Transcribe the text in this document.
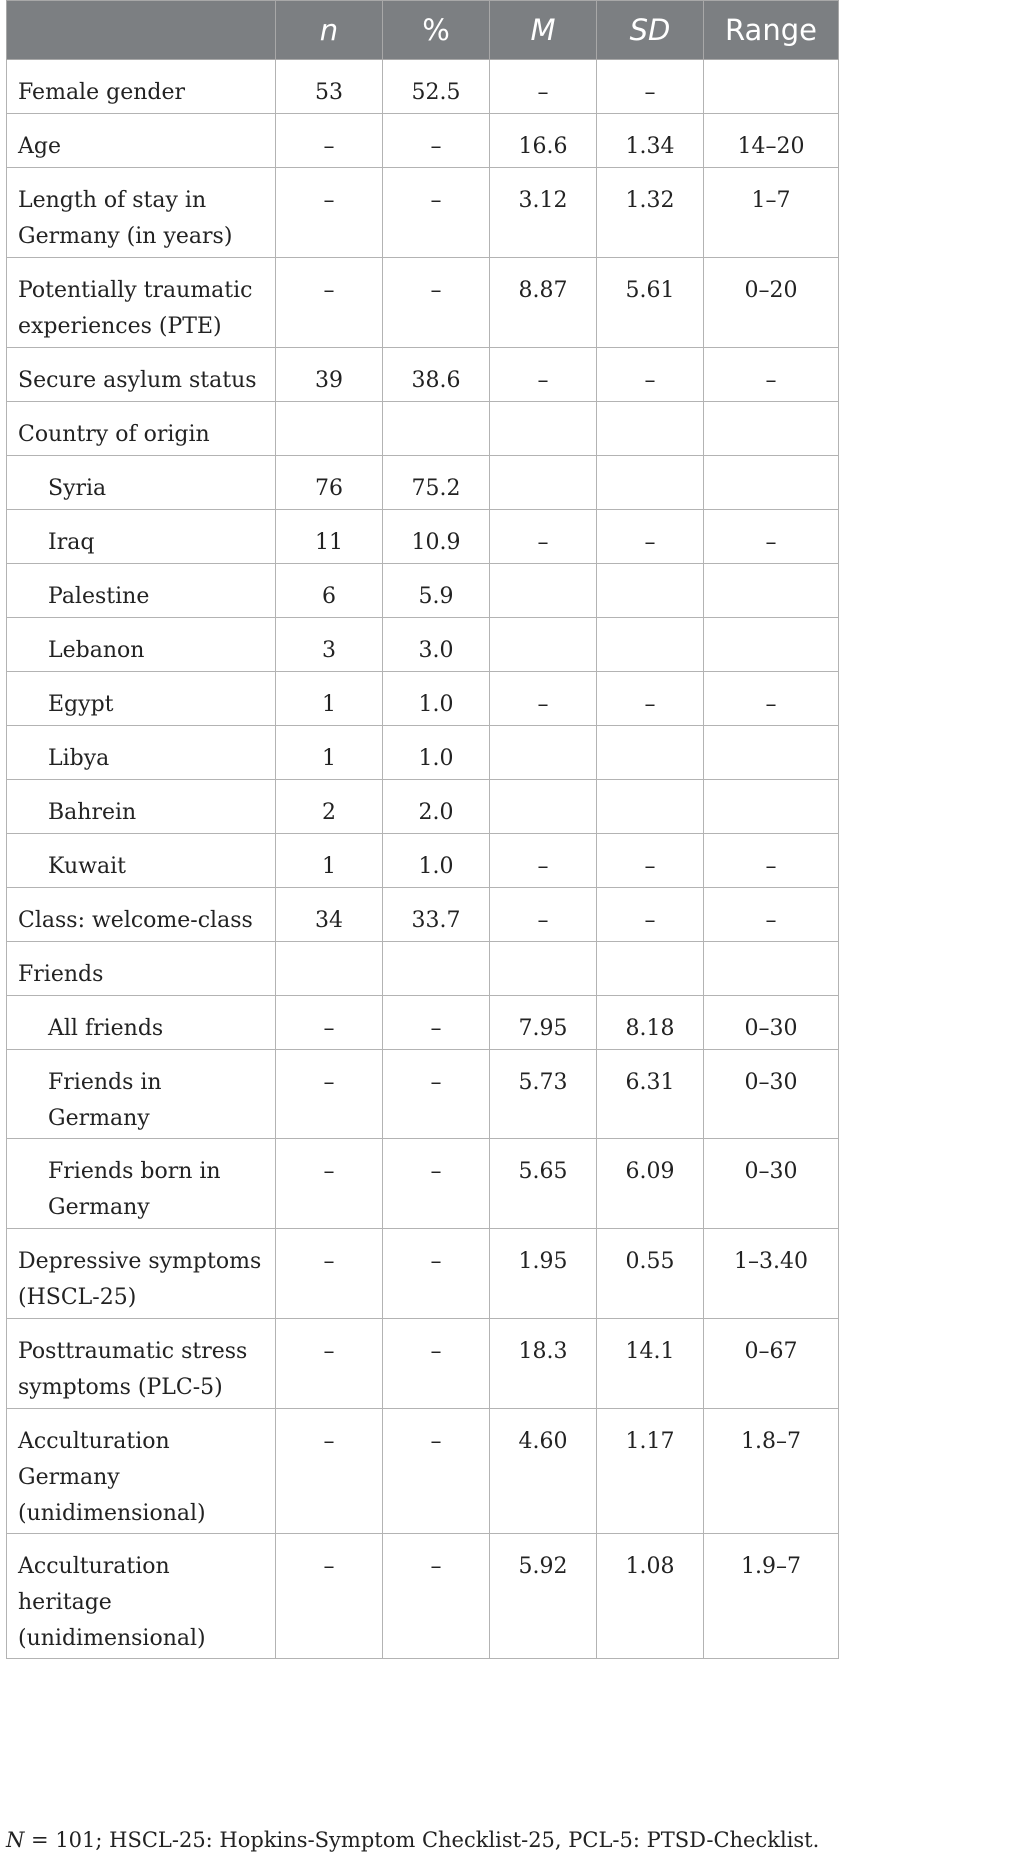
	n	%	M	SD	Range
Female gender	53	52.5	–	–	
Age	–	–	16.6	1.34	14–20
Length of stay in Germany (in years)	–	–	3.12	1.32	1–7
Potentially traumatic experiences (PTE)	–	–	8.87	5.61	0–20
Secure asylum status	39	38.6	–	–	–
Country of origin					
Syria	76	75.2			
Iraq	11	10.9	–	–	–
Palestine	6	5.9			
Lebanon	3	3.0			
Egypt	1	1.0	–	–	–
Libya	1	1.0			
Bahrein	2	2.0			
Kuwait	1	1.0	–	–	–
Class: welcome-class	34	33.7	–	–	–
Friends					
All friends	–	–	7.95	8.18	0–30
Friends in Germany	–	–	5.73	6.31	0–30
Friends born in Germany	–	–	5.65	6.09	0–30
Depressive symptoms (HSCL-25)	–	–	1.95	0.55	1–3.40
Posttraumatic stress symptoms (PLC-5)	–	–	18.3	14.1	0–67
Acculturation Germany (unidimensional)	–	–	4.60	1.17	1.8–7
Acculturation heritage (unidimensional)	–	–	5.92	1.08	1.9–7
N = 101; HSCL-25: Hopkins-Symptom Checklist-25, PCL-5: PTSD-Checklist.
